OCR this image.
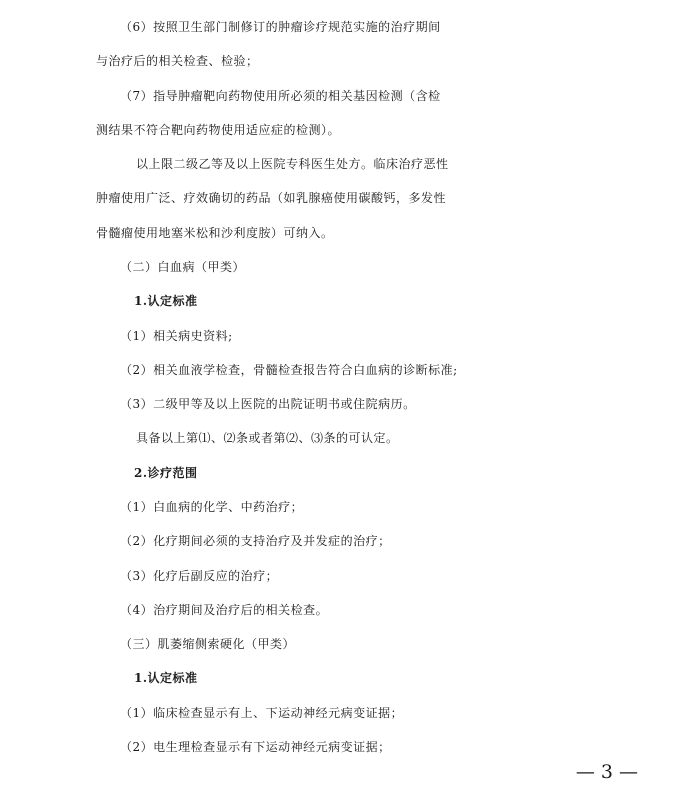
（6）按照卫生部门制修订的肿瘤诊疗规范实施的治疗期间
与治疗后的相关检查、检验；
（7）指导肿瘤靶向药物使用所必须的相关基因检测（含检
测结果不符合靶向药物使用适应症的检测）。
以上限二级乙等及以上医院专科医生处方。临床治疗恶性
肿瘤使用广泛、疗效确切的药品（如乳腺癌使用碳酸钙，多发性
骨髓瘤使用地塞米松和沙利度胺）可纳入。
（二）白血病（甲类）
1.认定标准
（1）相关病史资料;
（2）相关血液学检查，骨髓检查报告符合白血病的诊断标准;
（3）二级甲等及以上医院的出院证明书或住院病历。
具备以上第⑴、⑵条或者第⑵、⑶条的可认定。
2.诊疗范围
（1）白血病的化学、中药治疗；
（2）化疗期间必须的支持治疗及并发症的治疗；
（3）化疗后副反应的治疗；
（4）治疗期间及治疗后的相关检查。
（三）肌萎缩侧索硬化（甲类）
1.认定标准
（1）临床检查显示有上、下运动神经元病变证据；
（2）电生理检查显示有下运动神经元病变证据；
— 3 —
